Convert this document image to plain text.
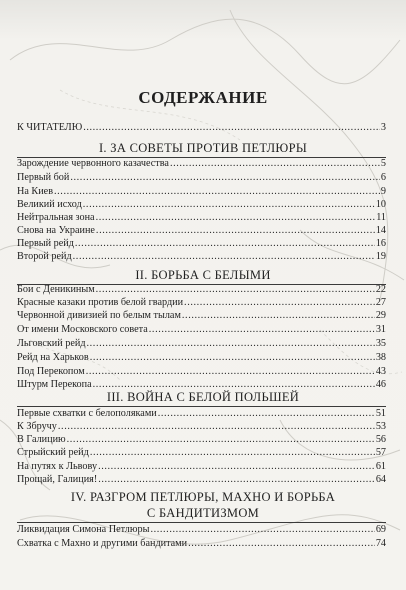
СОДЕРЖАНИЕ
К ЧИТАТЕЛЮ .....	3
I. ЗА СОВЕТЫ ПРОТИВ ПЕТЛЮРЫ
Зарождение червонного казачества .....	5
Первый бой .....	6
На Киев .....	9
Великий исход .....	10
Нейтральная зона .....	11
Снова на Украине .....	14
Первый рейд .....	16
Второй рейд .....	19
II. БОРЬБА С БЕЛЫМИ
Бои с Деникиным .....	22
Красные казаки против белой гвардии .....	27
Червонной дивизией по белым тылам .....	29
От имени Московского совета .....	31
Льговский рейд .....	35
Рейд на Харьков .....	38
Под Перекопом .....	43
Штурм Перекопа .....	46
III. ВОЙНА С БЕЛОЙ ПОЛЬШЕЙ
Первые схватки с белополяками .....	51
К Збручу .....	53
В Галицию .....	56
Стрыйский рейд .....	57
На путях к Львову .....	61
Прощай, Галиция! .....	64
IV. РАЗГРОМ ПЕТЛЮРЫ, МАХНО И БОРЬБА
С БАНДИТИЗМОМ
Ликвидация Симона Петлюры .....	69
Схватка с Махно и другими бандитами .....	74
